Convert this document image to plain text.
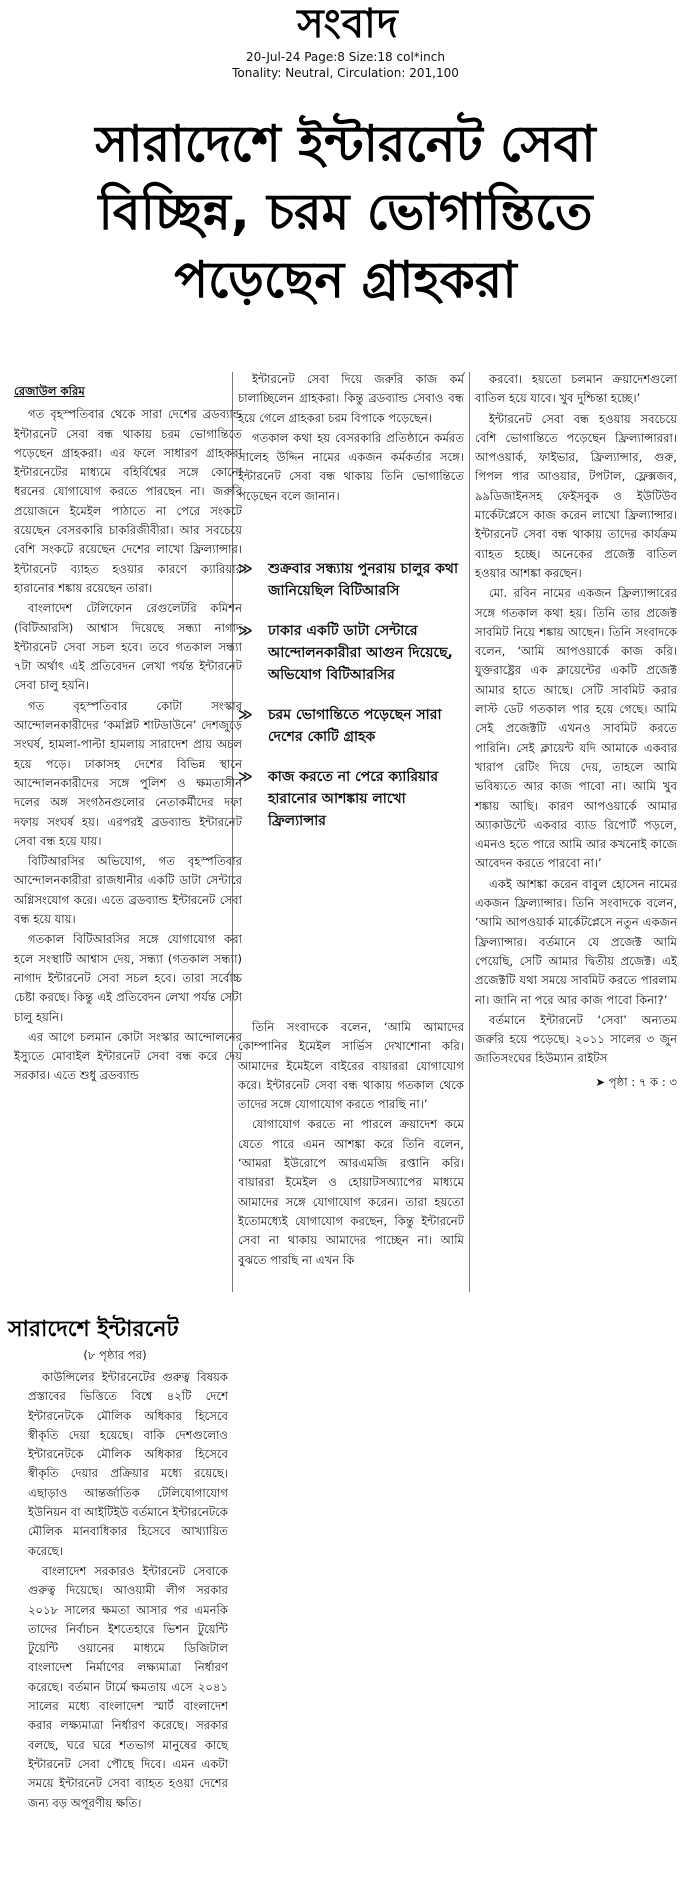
সংবাদ
20-Jul-24 Page:8 Size:18 col*inch
Tonality: Neutral, Circulation: 201,100
সারাদেশে ইন্টারনেট সেবা
বিচ্ছিন্ন, চরম ভোগান্তিতে
পড়েছেন গ্রাহকরা
রেজাউল করিম

গত বৃহস্পতিবার থেকে সারা দেশের ব্রডব্যান্ড ইন্টারনেট সেবা বন্ধ থাকায় চরম ভোগান্তিতে পড়েছেন গ্রাহকরা। এর ফলে সাধারণ গ্রাহকরা ইন্টারনেটের মাধ্যমে বহির্বিশ্বের সঙ্গে কোনো ধরনের যোগাযোগ করতে পারছেন না। জরুরি প্রয়োজনে ইমেইল পাঠাতে না পেরে সংকটে রয়েছেন বেসরকারি চাকরিজীবীরা। আর সবচেয়ে বেশি সংকটে রয়েছেন দেশের লাখো ফ্রিল্যান্সার। ইন্টারনেট ব্যাহত হওয়ার কারণে ক্যারিয়ার হারানোর শঙ্কায় রয়েছেন তারা।

বাংলাদেশ টেলিফোন রেগুলেটরি কমিশন (বিটিআরসি) আশ্বাস দিয়েছে সন্ধ্যা নাগাদ ইন্টারনেট সেবা সচল হবে। তবে গতকাল সন্ধ্যা ৭টা অর্থাৎ এই প্রতিবেদন লেখা পর্যন্ত ইন্টারনেট সেবা চালু হয়নি।

গত বৃহস্পতিবার কোটা সংস্কার আন্দোলনকারীদের ‘কমপ্লিট শাটডাউনে’ দেশজুড়ে সংঘর্ষ, হামলা-পাল্টা হামলায় সারাদেশ প্রায় অচল হয়ে পড়ে। ঢাকাসহ দেশের বিভিন্ন স্থানে আন্দোলনকারীদের সঙ্গে পুলিশ ও ক্ষমতাসীন দলের অঙ্গ সংগঠনগুলোর নেতাকর্মীদের দফা দফায় সংঘর্ষ হয়। এরপরই ব্রডব্যান্ড ইন্টারনেট সেবা বন্ধ হয়ে যায়।

বিটিআরসির অভিযোগ, গত বৃহস্পতিবার আন্দোলনকারীরা রাজধানীর একটি ডাটা সেন্টারে অগ্নিসংযোগ করে। এতে ব্রডব্যান্ড ইন্টারনেট সেবা বন্ধ হয়ে যায়।

গতকাল বিটিআরসির সঙ্গে যোগাযোগ করা হলে সংস্থাটি আশ্বাস দেয়, সন্ধ্যা (গতকাল সন্ধ্যা) নাগাদ ইন্টারনেট সেবা সচল হবে। তারা সর্বোচ্চ চেষ্টা করছে। কিন্তু এই প্রতিবেদন লেখা পর্যন্ত সেটা চালু হয়নি।

এর আগে চলমান কোটা সংস্কার আন্দোলনের ইস্যুতে মোবাইল ইন্টারনেট সেবা বন্ধ করে দেয় সরকার। এতে শুধু ব্রডব্যান্ড

ইন্টারনেট সেবা দিয়ে জরুরি কাজ কর্ম চালাচ্ছিলেন গ্রাহকরা। কিন্তু ব্রডব্যান্ড সেবাও বন্ধ হয়ে গেলে গ্রাহকরা চরম বিপাকে পড়েছেন।

গতকাল কথা হয় বেসরকারি প্রতিষ্ঠানে কর্মরত সালেহ উদ্দিন নামের একজন কর্মকর্তার সঙ্গে। ইন্টারনেট সেবা বন্ধ থাকায় তিনি ভোগান্তিতে পড়েছেন বলে জানান।

≫	শুক্রবার সন্ধ্যায় পুনরায় চালুর কথা জানিয়েছিল বিটিআরসি
≫	ঢাকার একটি ডাটা সেন্টারে আন্দোলনকারীরা আগুন দিয়েছে, অভিযোগ বিটিআরসির
≫	চরম ভোগান্তিতে পড়েছেন সারা দেশের কোটি গ্রাহক
≫	কাজ করতে না পেরে ক্যারিয়ার হারানোর আশঙ্কায় লাখো ফ্রিল্যান্সার

তিনি সংবাদকে বলেন, ‘আমি আমাদের কোম্পানির ইমেইল সার্ভিস দেখাশোনা করি। আমাদের ইমেইলে বাইরের বায়াররা যোগাযোগ করে। ইন্টারনেট সেবা বন্ধ থাকায় গতকাল থেকে তাদের সঙ্গে যোগাযোগ করতে পারছি না।’

যোগাযোগ করতে না পারলে ক্রয়াদেশ কমে যেতে পারে এমন আশঙ্কা করে তিনি বলেন, ‘আমরা ইউরোপে আরএমজি রপ্তানি করি। বায়াররা ইমেইল ও হোয়াটসঅ্যাপের মাধ্যমে আমাদের সঙ্গে যোগাযোগ করেন। তারা হয়তো ইতোমধ্যেই যোগাযোগ করছেন, কিন্তু ইন্টারনেট সেবা না থাকায় আমাদের পাচ্ছেন না। আমি বুঝতে পারছি না এখন কি

করবো। হয়তো চলমান ক্রয়াদেশগুলো বাতিল হয়ে যাবে। খুব দুশ্চিন্তা হচ্ছে।’

ইন্টারনেট সেবা বন্ধ হওয়ায় সবচেয়ে বেশি ভোগান্তিতে পড়েছেন ফ্রিল্যান্সাররা। আপওয়ার্ক, ফাইভার, ফ্রিল্যান্সার, গুরু, পিপল পার আওয়ার, টপটাল, ফ্লেক্সজব, ৯৯ডিজাইনসহ ফেইসবুক ও ইউটিউব মার্কেটপ্লেসে কাজ করেন লাখো ফ্রিল্যান্সার। ইন্টারনেট সেবা বন্ধ থাকায় তাদের কার্যক্রম ব্যাহত হচ্ছে। অনেকের প্রজেক্ট বাতিল হওয়ার আশঙ্কা করছেন।

মো. রবিন নামের একজন ফ্রিল্যান্সারের সঙ্গে গতকাল কথা হয়। তিনি তার প্রজেক্ট সাবমিট নিয়ে শঙ্কায় আছেন। তিনি সংবাদকে বলেন, ‘আমি আপওয়ার্কে কাজ করি। যুক্তরাষ্ট্রের এক ক্লায়েন্টের একটি প্রজেক্ট আমার হাতে আছে। সেটি সাবমিট করার লাস্ট ডেট গতকাল পার হয়ে গেছে। আমি সেই প্রজেক্টটি এখনও সাবমিট করতে পারিনি। সেই ক্লায়েন্ট যদি আমাকে একবার খারাপ রেটিং দিয়ে দেয়, তাহলে আমি ভবিষ্যতে আর কাজ পাবো না। আমি খুব শঙ্কায় আছি। কারণ আপওয়ার্কে আমার অ্যাকাউন্টে একবার ব্যাড রিপোর্ট পড়লে, এমনও হতে পারে আমি আর কখনোই কাজে আবেদন করতে পারবো না।’

একই আশঙ্কা করেন বাবুল হোসেন নামের একজন ফ্রিল্যান্সার। তিনি সংবাদকে বলেন, ‘আমি আপওয়ার্ক মার্কেটপ্লেসে নতুন একজন ফ্রিল্যান্সার। বর্তমানে যে প্রজেক্ট আমি পেয়েছি, সেটি আমার দ্বিতীয় প্রজেক্ট। এই প্রজেক্টটি যথা সময়ে সাবমিট করতে পারলাম না। জানি না পরে আর কাজ পাবো কিনা?’

বর্তমানে ইন্টারনেট ‘সেবা’ অন্যতম জরুরি হয়ে পড়েছে। ২০১১ সালের ৩ জুন জাতিসংঘের হিউম্যান রাইটস

➤ পৃষ্ঠা : ৭ ক : ৩
সারাদেশে ইন্টারনেট
(৮ পৃষ্ঠার পর)

কাউন্সিলের ইন্টারনেটের গুরুত্ব বিষয়ক প্রস্তাবের ভিত্তিতে বিশ্বে ৪২টি দেশে ইন্টারনেটকে মৌলিক অধিকার হিসেবে স্বীকৃতি দেয়া হয়েছে। বাকি দেশগুলোও ইন্টারনেটকে মৌলিক অধিকার হিসেবে স্বীকৃতি দেয়ার প্রক্রিয়ার মধ্যে রয়েছে। এছাড়াও আন্তর্জাতিক টেলিযোগাযোগ ইউনিয়ন বা আইটিইউ বর্তমানে ইন্টারনেটকে মৌলিক মানবাধিকার হিসেবে আখ্যায়িত করেছে।

বাংলাদেশ সরকারও ইন্টারনেট সেবাকে গুরুত্ব দিয়েছে। আওয়ামী লীগ সরকার ২০১৮ সালের ক্ষমতা আসার পর এমনকি তাদের নির্বাচন ইশতেহারে ভিশন টুয়েন্টি টুয়েন্টি ওয়ানের মাধ্যমে ডিজিটাল বাংলাদেশ নির্মাণের লক্ষ্যমাত্রা নির্ধারণ করেছে। বর্তমান টার্মে ক্ষমতায় এসে ২০৪১ সালের মধ্যে বাংলাদেশ স্মার্ট বাংলাদেশ করার লক্ষ্যমাত্রা নির্ধারণ করেছে। সরকার বলছে, ঘরে ঘরে শতভাগ মানুষের কাছে ইন্টারনেট সেবা পৌছে দিবে। এমন একটা সময়ে ইন্টারনেট সেবা ব্যাহত হওয়া দেশের জন্য বড় অপূরণীয় ক্ষতি।
